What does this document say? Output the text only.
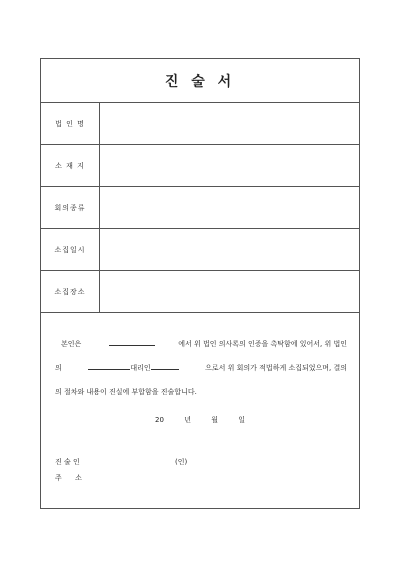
진 술 서
법 인 명
소 재 지
회의종류
소집일시
소집장소
본인은	에서 위 법인 의사록의 인증을 촉탁함에 있어서, 위 법인
의	대리인	으로서 위 회의가 적법하게 소집되었으며, 결의
의 절차와 내용이 진실에 부합함을 진술합니다.
20	년	월	일
진 술 인	(인)
주      소
